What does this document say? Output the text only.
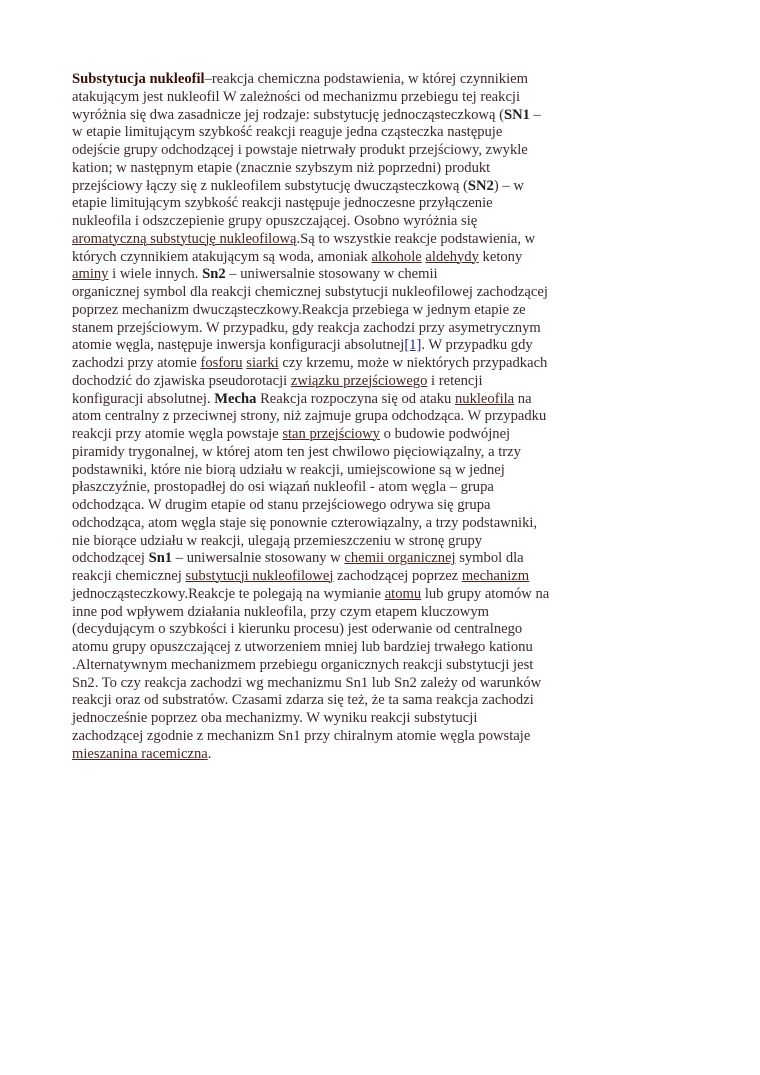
Substytucja nukleofil–reakcja chemiczna podstawienia, w której czynnikiem
atakującym jest nukleofil W zależności od mechanizmu przebiegu tej reakcji
wyróżnia się dwa zasadnicze jej rodzaje: substytucję jednocząsteczkową (SN1 –
w etapie limitującym szybkość reakcji reaguje jedna cząsteczka następuje
odejście grupy odchodzącej i powstaje nietrwały produkt przejściowy, zwykle
kation; w następnym etapie (znacznie szybszym niż poprzedni) produkt
przejściowy łączy się z nukleofilem substytucję dwucząsteczkową (SN2) – w
etapie limitującym szybkość reakcji następuje jednoczesne przyłączenie
nukleofila i odszczepienie grupy opuszczającej. Osobno wyróżnia się
aromatyczną substytucję nukleofilową.Są to wszystkie reakcje podstawienia, w
których czynnikiem atakującym są woda, amoniak alkohole aldehydy ketony
aminy i wiele innych. Sn2 – uniwersalnie stosowany w chemii
organicznej symbol dla reakcji chemicznej substytucji nukleofilowej zachodzącej
poprzez mechanizm dwucząsteczkowy.Reakcja przebiega w jednym etapie ze
stanem przejściowym. W przypadku, gdy reakcja zachodzi przy asymetrycznym
atomie węgla, następuje inwersja konfiguracji absolutnej[1]. W przypadku gdy
zachodzi przy atomie fosforu siarki czy krzemu, może w niektórych przypadkach
dochodzić do zjawiska pseudorotacji związku przejściowego i retencji
konfiguracji absolutnej. Mecha Reakcja rozpoczyna się od ataku nukleofila na
atom centralny z przeciwnej strony, niż zajmuje grupa odchodząca. W przypadku
reakcji przy atomie węgla powstaje stan przejściowy o budowie podwójnej
piramidy trygonalnej, w której atom ten jest chwilowo pięciowiązalny, a trzy
podstawniki, które nie biorą udziału w reakcji, umiejscowione są w jednej
płaszczyźnie, prostopadłej do osi wiązań nukleofil - atom węgla – grupa
odchodząca. W drugim etapie od stanu przejściowego odrywa się grupa
odchodząca, atom węgla staje się ponownie czterowiązalny, a trzy podstawniki,
nie biorące udziału w reakcji, ulegają przemieszczeniu w stronę grupy
odchodzącej Sn1 – uniwersalnie stosowany w chemii organicznej symbol dla
reakcji chemicznej substytucji nukleofilowej zachodzącej poprzez mechanizm
jednocząsteczkowy.Reakcje te polegają na wymianie atomu lub grupy atomów na
inne pod wpływem działania nukleofila, przy czym etapem kluczowym
(decydującym o szybkości i kierunku procesu) jest oderwanie od centralnego
atomu grupy opuszczającej z utworzeniem mniej lub bardziej trwałego kationu
.Alternatywnym mechanizmem przebiegu organicznych reakcji substytucji jest
Sn2. To czy reakcja zachodzi wg mechanizmu Sn1 lub Sn2 zależy od warunków
reakcji oraz od substratów. Czasami zdarza się też, że ta sama reakcja zachodzi
jednocześnie poprzez oba mechanizmy. W wyniku reakcji substytucji
zachodzącej zgodnie z mechanizm Sn1 przy chiralnym atomie węgla powstaje
mieszanina racemiczna.
